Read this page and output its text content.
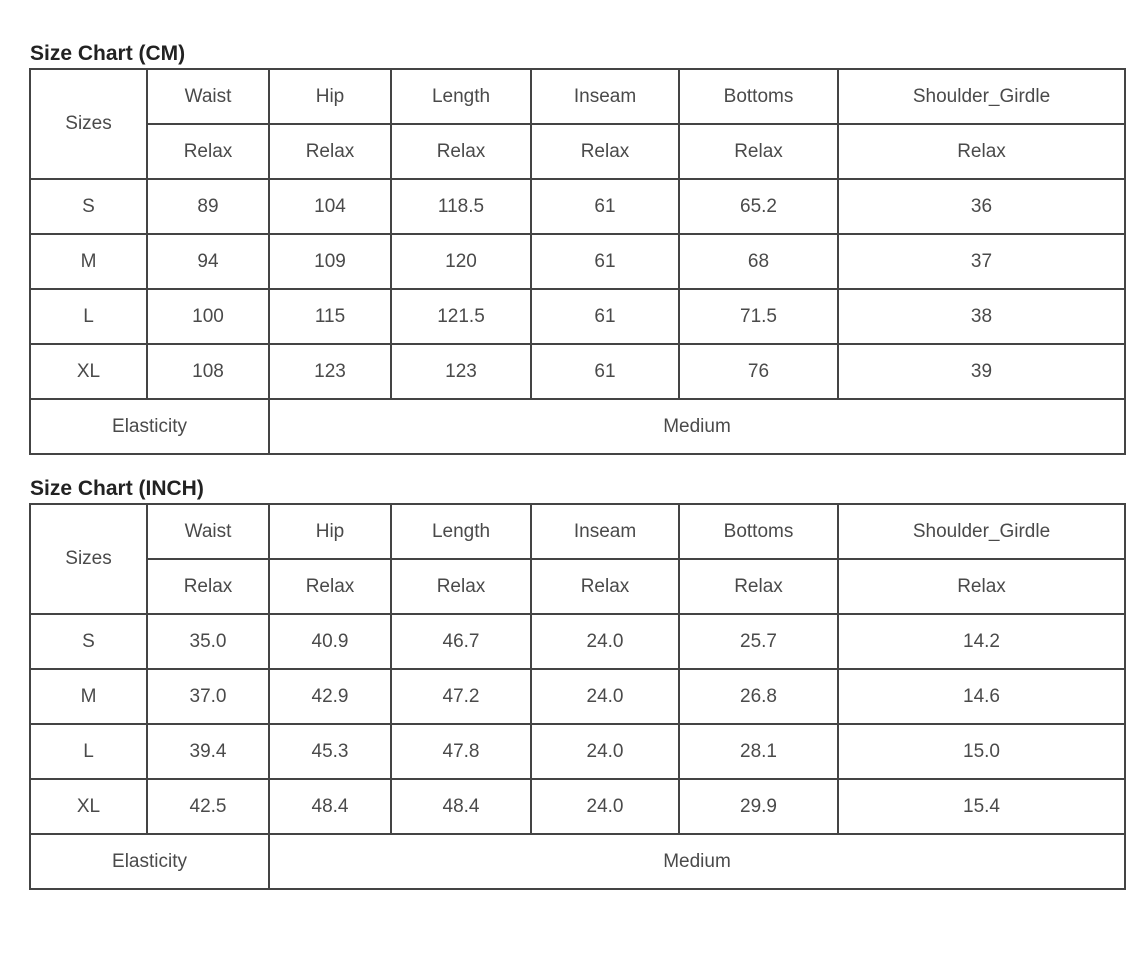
Size Chart (CM)
Sizes	Waist	Hip	Length	Inseam	Bottoms	Shoulder_Girdle
	Relax	Relax	Relax	Relax	Relax	Relax
S	89	104	118.5	61	65.2	36
M	94	109	120	61	68	37
L	100	115	121.5	61	71.5	38
XL	108	123	123	61	76	39
Elasticity		Medium				
Size Chart (INCH)
Sizes	Waist	Hip	Length	Inseam	Bottoms	Shoulder_Girdle
	Relax	Relax	Relax	Relax	Relax	Relax
S	35.0	40.9	46.7	24.0	25.7	14.2
M	37.0	42.9	47.2	24.0	26.8	14.6
L	39.4	45.3	47.8	24.0	28.1	15.0
XL	42.5	48.4	48.4	24.0	29.9	15.4
Elasticity		Medium				
